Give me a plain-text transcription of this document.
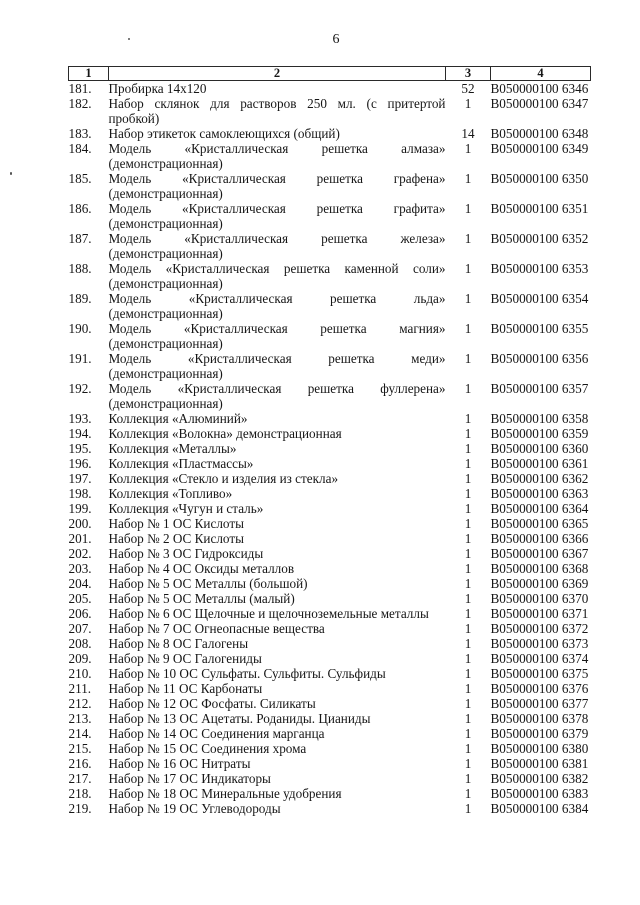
6
1	2	3	4
181.	Пробирка 14х120	52	В050000100 6346
182.	Набор склянок для растворов 250 мл. (с притертой пробкой)	1	В050000100 6347
183.	Набор этикеток самоклеющихся (общий)	14	В050000100 6348
184.	Модель «Кристаллическая решетка алмаза» (демонстрационная)	1	В050000100 6349
185.	Модель «Кристаллическая решетка графена» (демонстрационная)	1	В050000100 6350
186.	Модель «Кристаллическая решетка графита» (демонстрационная)	1	В050000100 6351
187.	Модель «Кристаллическая решетка железа» (демонстрационная)	1	В050000100 6352
188.	Модель «Кристаллическая решетка каменной соли» (демонстрационная)	1	В050000100 6353
189.	Модель «Кристаллическая решетка льда» (демонстрационная)	1	В050000100 6354
190.	Модель «Кристаллическая решетка магния» (демонстрационная)	1	В050000100 6355
191.	Модель «Кристаллическая решетка меди» (демонстрационная)	1	В050000100 6356
192.	Модель «Кристаллическая решетка фуллерена» (демонстрационная)	1	В050000100 6357
193.	Коллекция «Алюминий»	1	В050000100 6358
194.	Коллекция «Волокна» демонстрационная	1	В050000100 6359
195.	Коллекция «Металлы»	1	В050000100 6360
196.	Коллекция «Пластмассы»	1	В050000100 6361
197.	Коллекция «Стекло и изделия из стекла»	1	В050000100 6362
198.	Коллекция «Топливо»	1	В050000100 6363
199.	Коллекция «Чугун и сталь»	1	В050000100 6364
200.	Набор № 1 ОС Кислоты	1	В050000100 6365
201.	Набор № 2 ОС Кислоты	1	В050000100 6366
202.	Набор № 3 ОС Гидроксиды	1	В050000100 6367
203.	Набор № 4 ОС Оксиды металлов	1	В050000100 6368
204.	Набор № 5 ОС Металлы (большой)	1	В050000100 6369
205.	Набор № 5 ОС Металлы (малый)	1	В050000100 6370
206.	Набор № 6 ОС Щелочные и щелочноземельные металлы	1	В050000100 6371
207.	Набор № 7 ОС Огнеопасные вещества	1	В050000100 6372
208.	Набор № 8 ОС Галогены	1	В050000100 6373
209.	Набор № 9 ОС Галогениды	1	В050000100 6374
210.	Набор № 10 ОС Сульфаты. Сульфиты. Сульфиды	1	В050000100 6375
211.	Набор № 11 ОС Карбонаты	1	В050000100 6376
212.	Набор № 12 ОС Фосфаты. Силикаты	1	В050000100 6377
213.	Набор № 13 ОС Ацетаты. Роданиды. Цианиды	1	В050000100 6378
214.	Набор № 14 ОС Соединения марганца	1	В050000100 6379
215.	Набор № 15 ОС Соединения хрома	1	В050000100 6380
216.	Набор № 16 ОС Нитраты	1	В050000100 6381
217.	Набор № 17 ОС Индикаторы	1	В050000100 6382
218.	Набор № 18 ОС Минеральные удобрения	1	В050000100 6383
219.	Набор № 19 ОС Углеводороды	1	В050000100 6384
